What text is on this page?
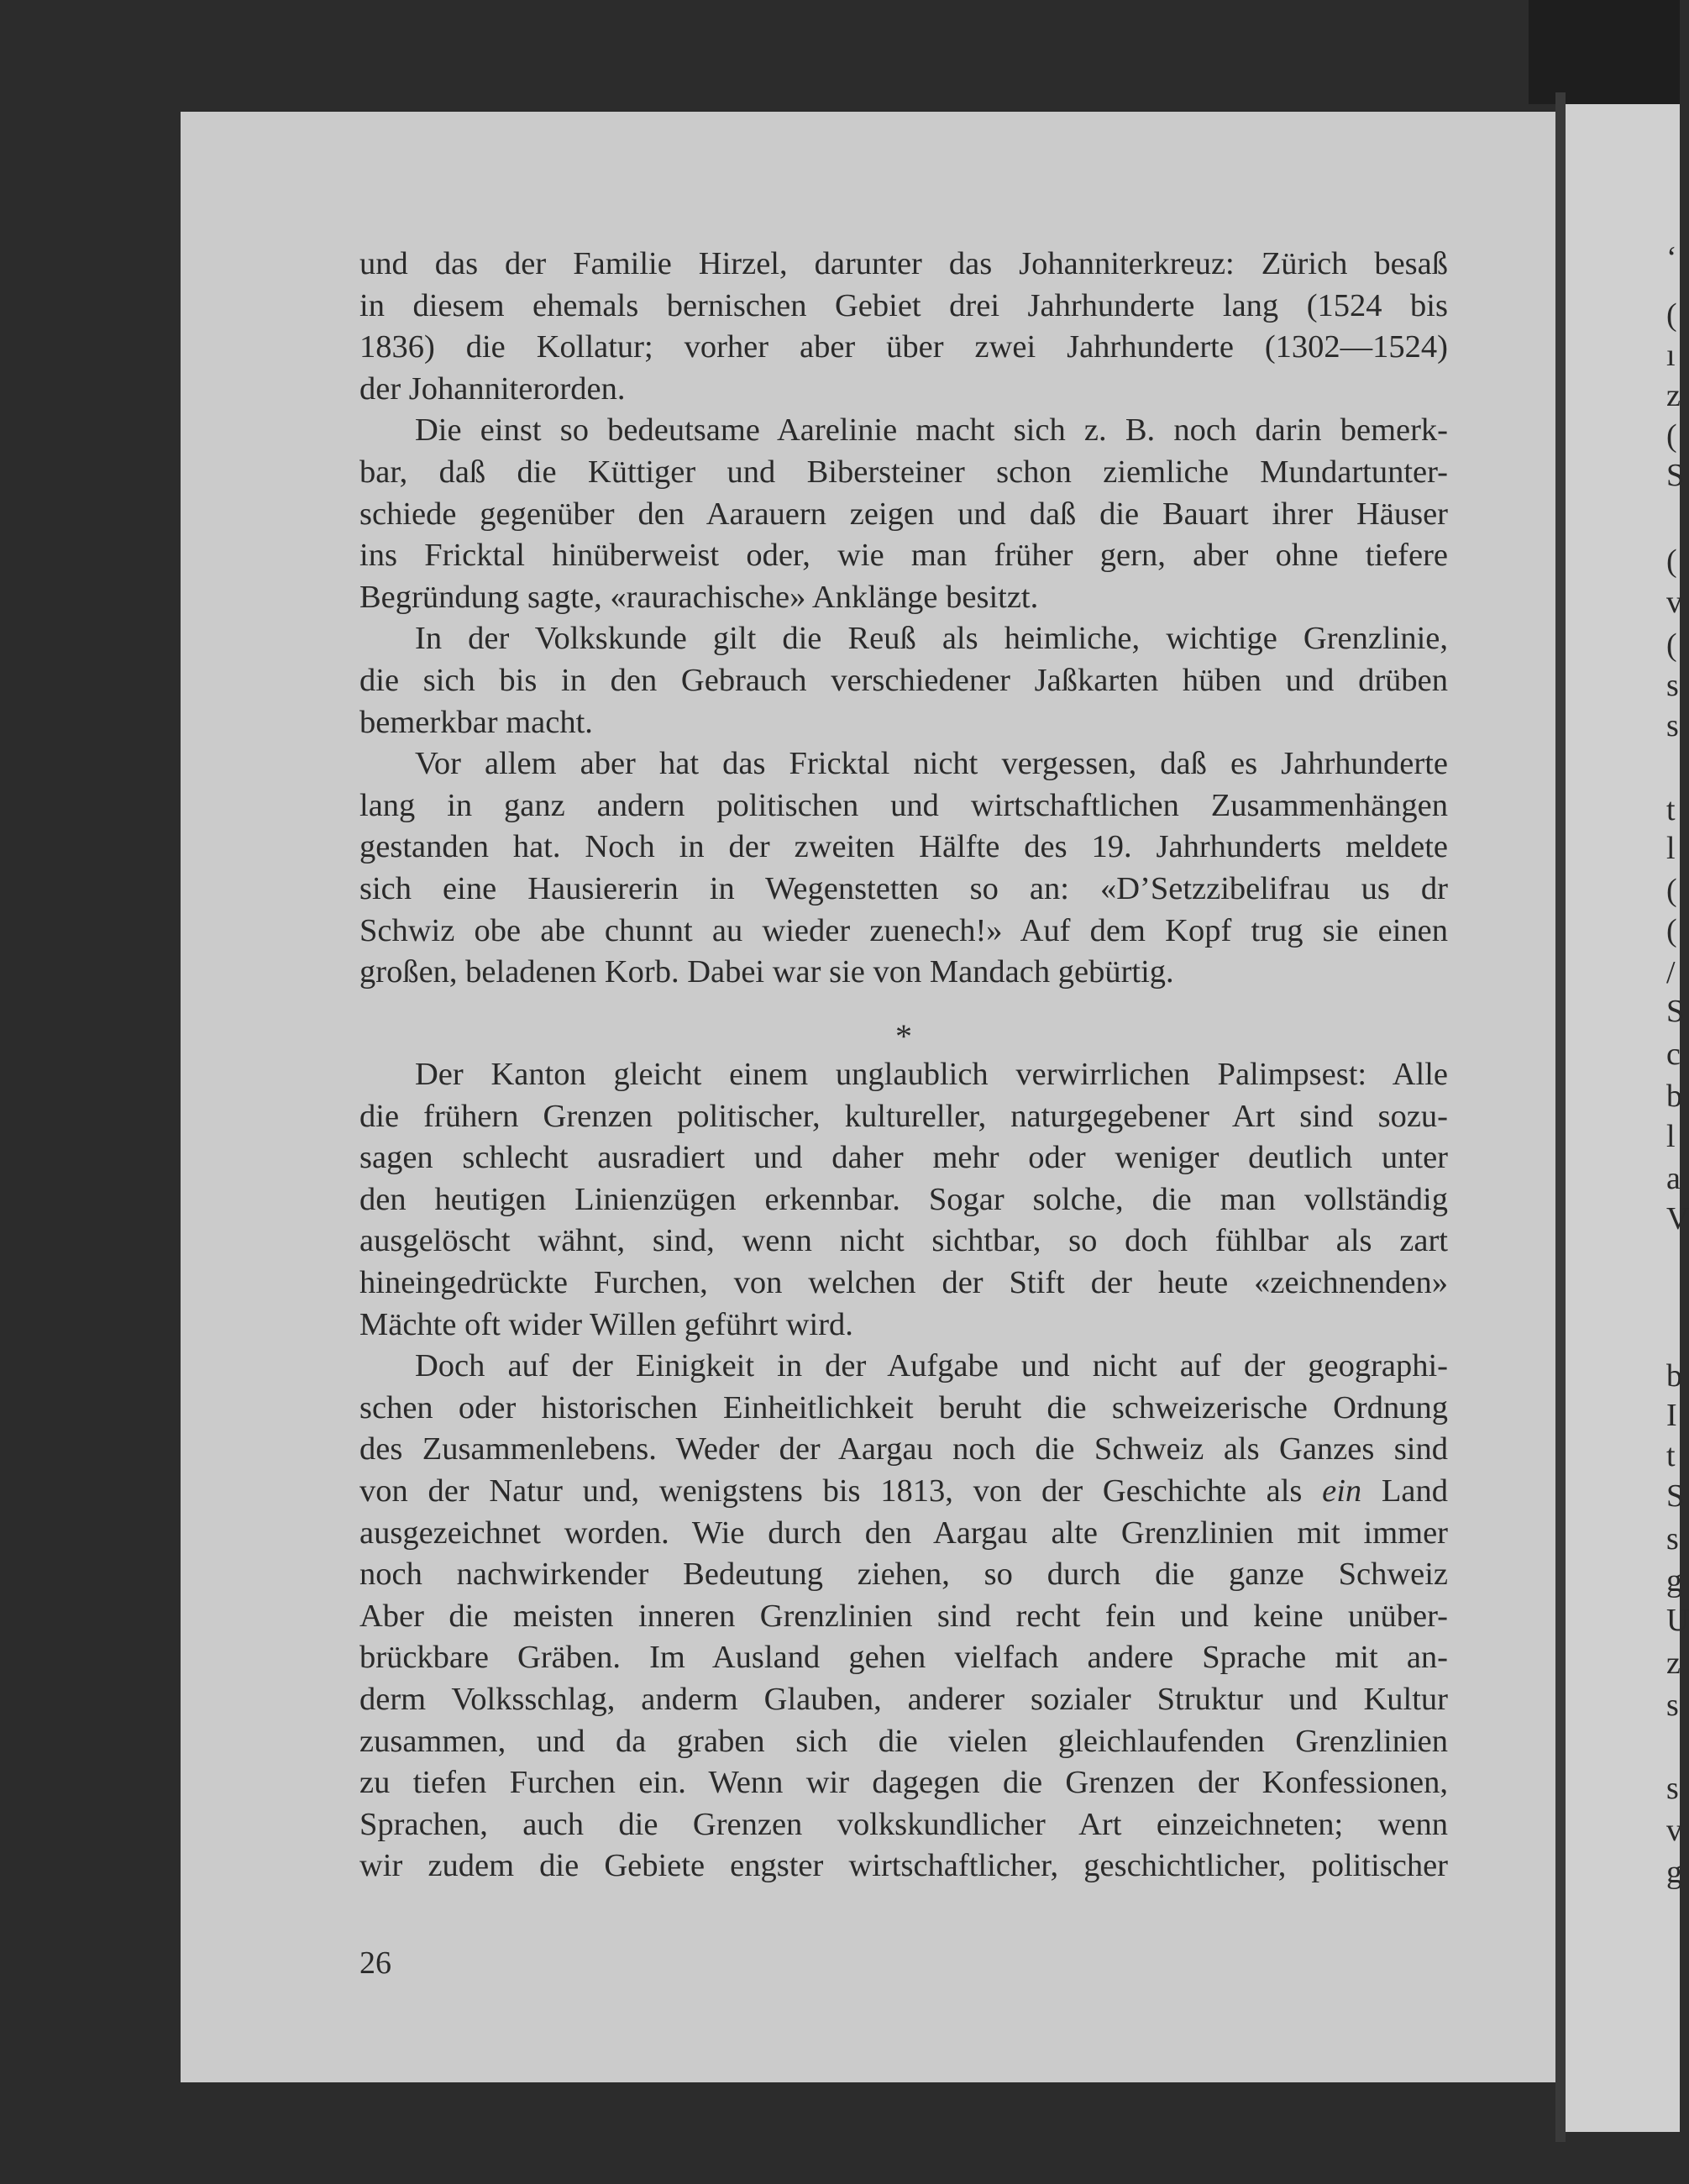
‘
(
ı
z
(
S
(
v
(
s
s
t
l
(
(
/
S
c
b
l
a
V
b
I
t
S
s
g
U
z
s
s
v
g
und das der Familie Hirzel, darunter das Johanniterkreuz: Zürich besaß
in diesem ehemals bernischen Gebiet drei Jahrhunderte lang (1524 bis
1836) die Kollatur; vorher aber über zwei Jahrhunderte (1302—1524)
der Johanniterorden.
Die einst so bedeutsame Aarelinie macht sich z. B. noch darin bemerk-
bar, daß die Küttiger und Bibersteiner schon ziemliche Mundartunter-
schiede gegenüber den Aarauern zeigen und daß die Bauart ihrer Häuser
ins Fricktal hinüberweist oder, wie man früher gern, aber ohne tiefere
Begründung sagte, «raurachische» Anklänge besitzt.
In der Volkskunde gilt die Reuß als heimliche, wichtige Grenzlinie,
die sich bis in den Gebrauch verschiedener Jaßkarten hüben und drüben
bemerkbar macht.
Vor allem aber hat das Fricktal nicht vergessen, daß es Jahrhunderte
lang in ganz andern politischen und wirtschaftlichen Zusammenhängen
gestanden hat. Noch in der zweiten Hälfte des 19. Jahrhunderts meldete
sich eine Hausiererin in Wegenstetten so an: «D’Setzzibelifrau us dr
Schwiz obe abe chunnt au wieder zuenech!» Auf dem Kopf trug sie einen
großen, beladenen Korb. Dabei war sie von Mandach gebürtig.
*
Der Kanton gleicht einem unglaublich verwirrlichen Palimpsest: Alle
die frühern Grenzen politischer, kultureller, naturgegebener Art sind sozu-
sagen schlecht ausradiert und daher mehr oder weniger deutlich unter
den heutigen Linienzügen erkennbar. Sogar solche, die man vollständig
ausgelöscht wähnt, sind, wenn nicht sichtbar, so doch fühlbar als zart
hineingedrückte Furchen, von welchen der Stift der heute «zeichnenden»
Mächte oft wider Willen geführt wird.
Doch auf der Einigkeit in der Aufgabe und nicht auf der geographi-
schen oder historischen Einheitlichkeit beruht die schweizerische Ordnung
des Zusammenlebens. Weder der Aargau noch die Schweiz als Ganzes sind
von der Natur und, wenigstens bis 1813, von der Geschichte als ein Land
ausgezeichnet worden. Wie durch den Aargau alte Grenzlinien mit immer
noch nachwirkender Bedeutung ziehen, so durch die ganze Schweiz
Aber die meisten inneren Grenzlinien sind recht fein und keine unüber-
brückbare Gräben. Im Ausland gehen vielfach andere Sprache mit an-
derm Volksschlag, anderm Glauben, anderer sozialer Struktur und Kultur
zusammen, und da graben sich die vielen gleichlaufenden Grenzlinien
zu tiefen Furchen ein. Wenn wir dagegen die Grenzen der Konfessionen,
Sprachen, auch die Grenzen volkskundlicher Art einzeichneten; wenn
wir zudem die Gebiete engster wirtschaftlicher, geschichtlicher, politischer
26
